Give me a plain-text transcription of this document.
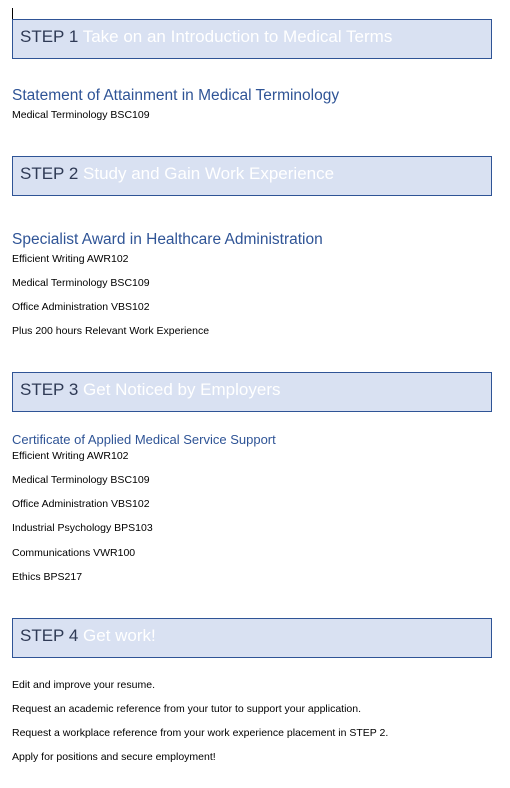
STEP 1 Take on an Introduction to Medical Terms
Statement of Attainment in Medical Terminology
Medical Terminology BSC109
STEP 2 Study and Gain Work Experience
Specialist Award in Healthcare Administration
Efficient Writing AWR102
Medical Terminology BSC109
Office Administration VBS102
Plus 200 hours Relevant Work Experience
STEP 3 Get Noticed by Employers
Certificate of Applied Medical Service Support
Efficient Writing AWR102
Medical Terminology BSC109
Office Administration VBS102
Industrial Psychology BPS103
Communications VWR100
Ethics BPS217
STEP 4 Get work!
Edit and improve your resume.
Request an academic reference from your tutor to support your application.
Request a workplace reference from your work experience placement in STEP 2.
Apply for positions and secure employment!
